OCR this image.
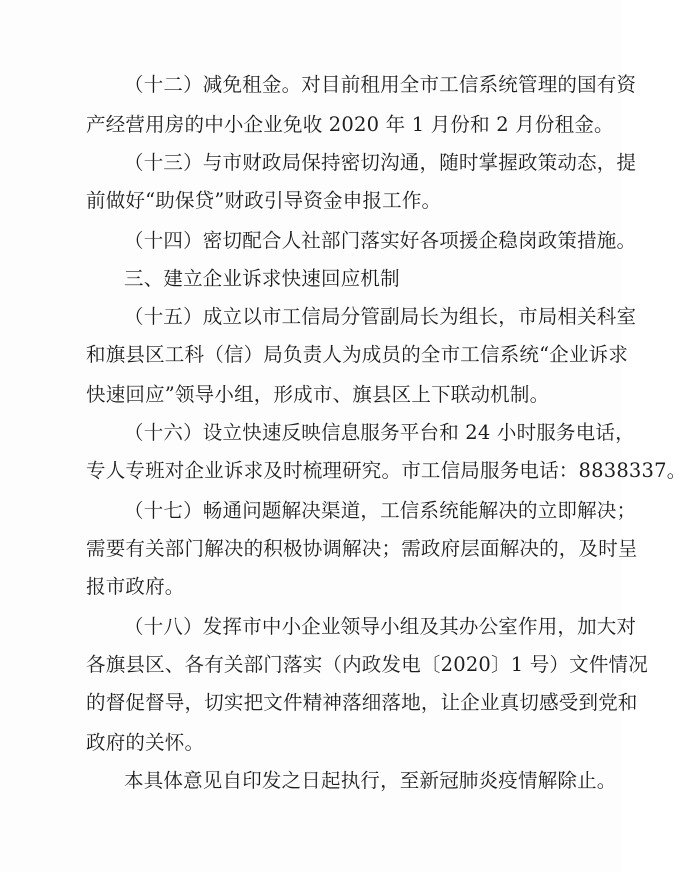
（十二）减免租金。对目前租用全市工信系统管理的国有资
产经营用房的中小企业免收 2020 年 1 月份和 2 月份租金。
（十三）与市财政局保持密切沟通，随时掌握政策动态，提
前做好“助保贷”财政引导资金申报工作。
（十四）密切配合人社部门落实好各项援企稳岗政策措施。
三、建立企业诉求快速回应机制
（十五）成立以市工信局分管副局长为组长，市局相关科室
和旗县区工科（信）局负责人为成员的全市工信系统“企业诉求
快速回应”领导小组，形成市、旗县区上下联动机制。
（十六）设立快速反映信息服务平台和 24 小时服务电话，
专人专班对企业诉求及时梳理研究。市工信局服务电话：8838337。
（十七）畅通问题解决渠道，工信系统能解决的立即解决；
需要有关部门解决的积极协调解决；需政府层面解决的，及时呈
报市政府。
（十八）发挥市中小企业领导小组及其办公室作用，加大对
各旗县区、各有关部门落实（内政发电〔2020〕1 号）文件情况
的督促督导，切实把文件精神落细落地，让企业真切感受到党和
政府的关怀。
本具体意见自印发之日起执行，至新冠肺炎疫情解除止。
